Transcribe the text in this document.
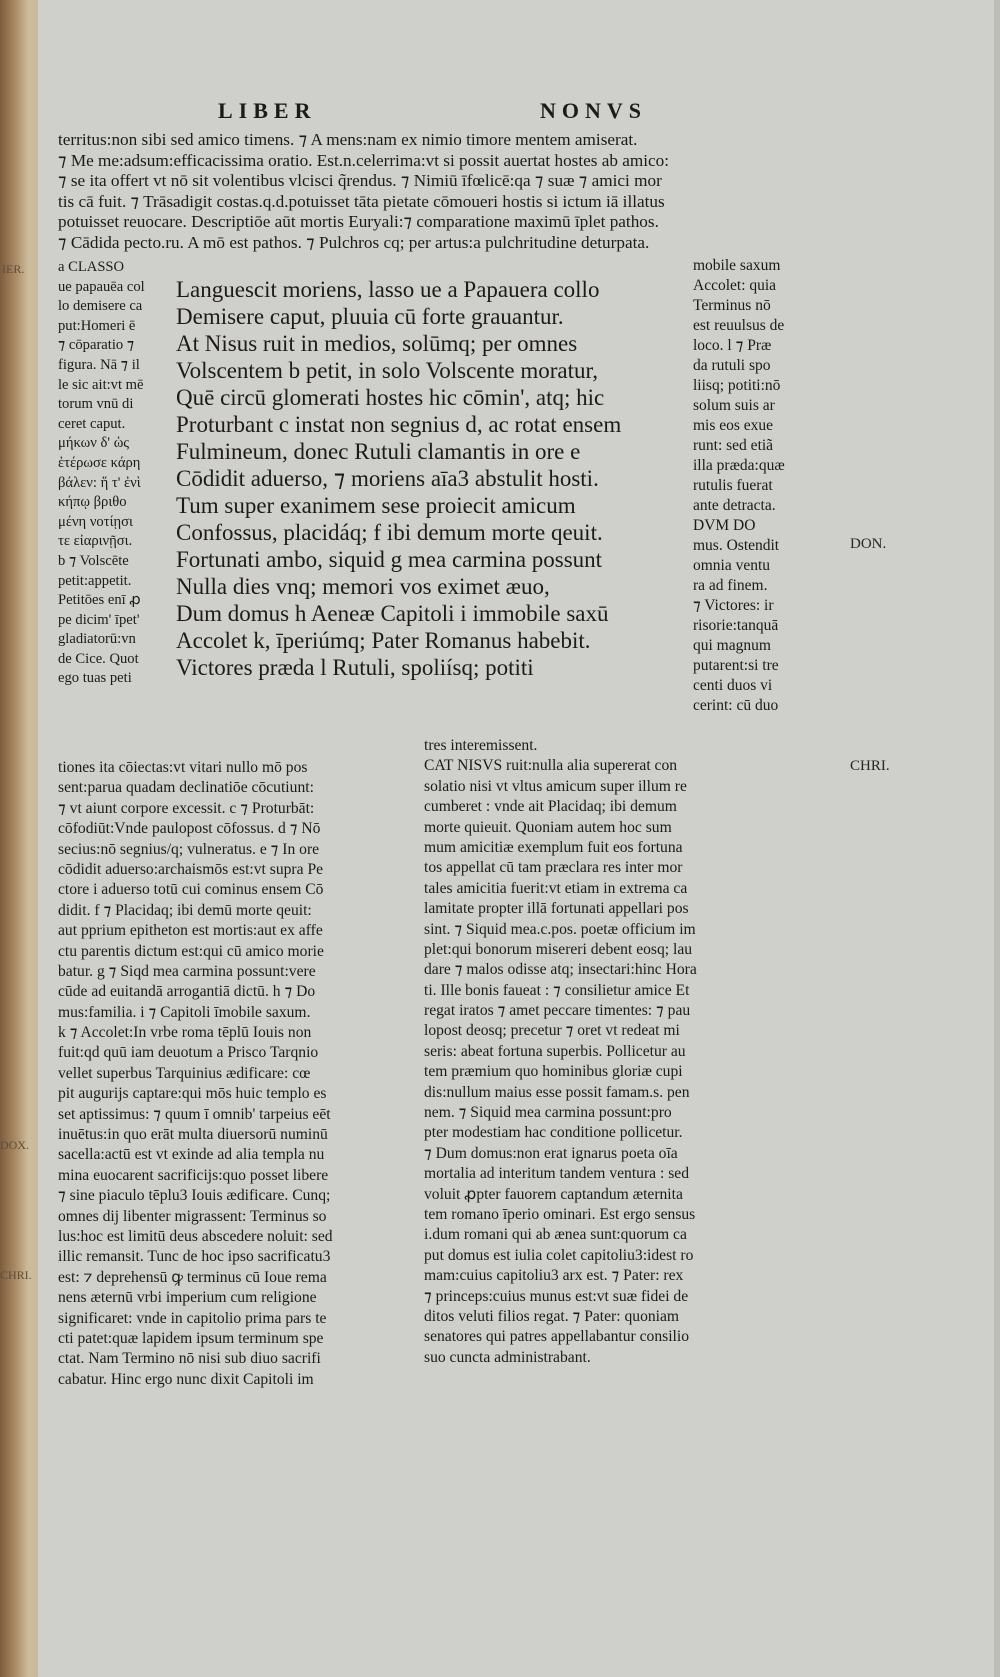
IER.
DOX.
CHRI.
LIBER	NONVS
territus:non sibi sed amico timens. ⁊ A mens:nam ex nimio timore mentem amiserat.
⁊ Me me:adsum:efficacissima oratio. Est.n.celerrima:vt si possit auertat hostes ab amico:
⁊ se ita offert vt nō sit volentibus vlcisci q̃rendus. ⁊ Nimiū īfœlicē:qa ⁊ suæ ⁊ amici mor
tis cā fuit. ⁊ Trāsadigit costas.q.d.potuisset tāta pietate cōmoueri hostis si ictum iā illatus
potuisset reuocare. Descriptiōe aūt mortis Euryali:⁊ comparatione maximū īplet pathos.
⁊ Cādida pecto.ru. A mō est pathos. ⁊ Pulchros cq; per artus:a pulchritudine deturpata.
a CLASSO
ue papauēa col
lo demisere ca
put:Homeri ē
⁊ cōparatio ⁊
figura. Nā ⁊ il
le sic ait:vt mē
torum vnū di
ceret caput.
μήκων δ' ὡς
ἑτέρωσε κάρη
βάλεν: ἥ τ' ἐνὶ
κήπῳ βριθο
μένη νοτίῃσι
τε εἰαρινῇσι.
b ⁊ Volscēte
petit:appetit.
Petitōes enī ꝓ
pe dicim' īpet'
gladiatorū:vn
de Cice. Quot
ego tuas peti
Languescit moriens, lasso ue a Papauera collo
Demisere caput, pluuia cū forte grauantur.
At Nisus ruit in medios, solūmq; per omnes
Volscentem b petit, in solo Volscente moratur,
Quē circū glomerati hostes hic cōmin', atq; hic
Proturbant c instat non segnius d, ac rotat ensem
Fulmineum, donec Rutuli clamantis in ore e
Cōdidit aduerso, ⁊ moriens aīa3 abstulit hosti.
Tum super exanimem sese proiecit amicum
Confossus, placidáq; f ibi demum morte qeuit.
Fortunati ambo, siquid g mea carmina possunt
Nulla dies vnq; memori vos eximet æuo,
Dum domus h Aeneæ Capitoli i immobile saxū
Accolet k, īperiúmq; Pater Romanus habebit.
Victores præda l Rutuli, spoliísq; potiti
mobile saxum
Accolet: quia
Terminus nō
est reuulsus de
loco. l ⁊ Præ
da rutuli spo
liisq; potiti:nō
solum suis ar
mis eos exue
runt: sed etiã
illa præda:quæ
rutulis fuerat
ante detracta.
DVM DO
mus. Ostendit
omnia ventu
ra ad finem.
⁊ Victores: ir
risorie:tanquā
qui magnum
putarent:si tre
centi duos vi
cerint: cū duo
DON.
CHRI.
tiones ita cōiectas:vt vitari nullo mō pos
sent:parua quadam declinatiōe cōcutiunt:
⁊ vt aiunt corpore excessit. c ⁊ Proturbāt:
cōfodiūt:Vnde paulopost cōfossus. d ⁊ Nō
secius:nō segnius/q; vulneratus. e ⁊ In ore
cōdidit aduerso:archaismōs est:vt supra Pe
ctore i aduerso totū cui cominus ensem Cō
didit. f ⁊ Placidaq; ibi demū morte qeuit:
aut pprium epitheton est mortis:aut ex affe
ctu parentis dictum est:qui cū amico morie
batur. g ⁊ Siqd mea carmina possunt:vere
cūde ad euitandā arrogantiā dictū. h ⁊ Do
mus:familia. i ⁊ Capitoli īmobile saxum.
k ⁊ Accolet:In vrbe roma tēplū Iouis non
fuit:qd quū iam deuotum a Prisco Tarqnio
vellet superbus Tarquinius ædificare: cœ
pit augurijs captare:qui mōs huic templo es
set aptissimus: ⁊ quum ī omnib' tarpeius eēt
inuētus:in quo erāt multa diuersorū numinū
sacella:actū est vt exinde ad alia templa nu
mina euocarent sacrificijs:quo posset libere
⁊ sine piaculo tēplu3 Iouis ædificare. Cunq;
omnes dij libenter migrassent: Terminus so
lus:hoc est limitū deus abscedere noluit: sed
illic remansit. Tunc de hoc ipso sacrificatu3
est: ⁊ deprehensū ꝙ terminus cū Ioue rema
nens æternū vrbi imperium cum religione
significaret: vnde in capitolio prima pars te
cti patet:quæ lapidem ipsum terminum spe
ctat. Nam Termino nō nisi sub diuo sacrifi
cabatur. Hinc ergo nunc dixit Capitoli im
tres interemissent.
CAT NISVS ruit:nulla alia supererat con
solatio nisi vt vltus amicum super illum re
cumberet : vnde ait Placidaq; ibi demum
morte quieuit. Quoniam autem hoc sum
mum amicitiæ exemplum fuit eos fortuna
tos appellat cū tam præclara res inter mor
tales amicitia fuerit:vt etiam in extrema ca
lamitate propter illā fortunati appellari pos
sint. ⁊ Siquid mea.c.pos. poetæ officium im
plet:qui bonorum misereri debent eosq; lau
dare ⁊ malos odisse atq; insectari:hinc Hora
ti. Ille bonis faueat : ⁊ consilietur amice Et
regat iratos ⁊ amet peccare timentes: ⁊ pau
lopost deosq; precetur ⁊ oret vt redeat mi
seris: abeat fortuna superbis. Pollicetur au
tem præmium quo hominibus gloriæ cupi
dis:nullum maius esse possit famam.s. pen
nem. ⁊ Siquid mea carmina possunt:pro
pter modestiam hac conditione pollicetur.
⁊ Dum domus:non erat ignarus poeta oīa
mortalia ad interitum tandem ventura : sed
voluit ꝓpter fauorem captandum æternita
tem romano īperio ominari. Est ergo sensus
i.dum romani qui ab ænea sunt:quorum ca
put domus est iulia colet capitoliu3:idest ro
mam:cuius capitoliu3 arx est. ⁊ Pater: rex
⁊ princeps:cuius munus est:vt suæ fidei de
ditos veluti filios regat. ⁊ Pater: quoniam
senatores qui patres appellabantur consilio
suo cuncta administrabant.
